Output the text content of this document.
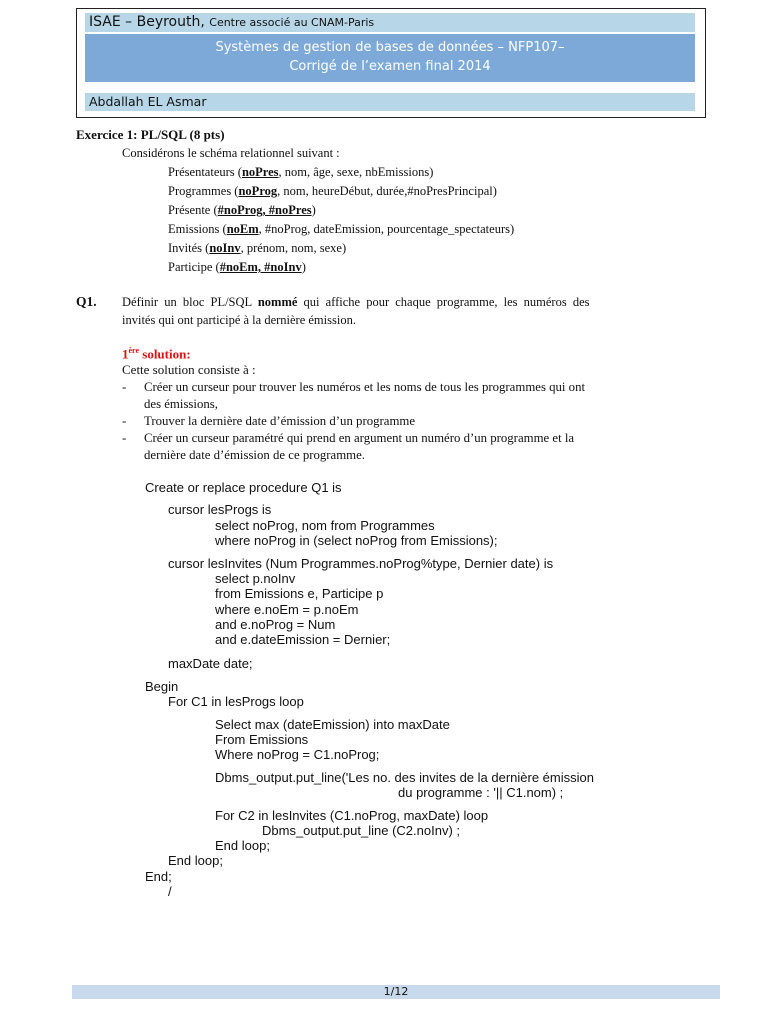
ISAE – Beyrouth, Centre associé au CNAM-Paris
Systèmes de gestion de bases de données – NFP107–
Corrigé de l’examen final 2014
Abdallah EL Asmar
Exercice 1: PL/SQL (8 pts)
Considérons le schéma relationnel suivant :
Présentateurs (noPres, nom, âge, sexe, nbEmissions)
Programmes (noProg, nom, heureDébut, durée,#noPresPrincipal)
Présente (#noProg, #noPres)
Emissions (noEm, #noProg, dateEmission, pourcentage_spectateurs)
Invités (noInv, prénom, nom, sexe)
Participe (#noEm, #noInv)
Q1. Définir un bloc PL/SQL nommé qui affiche pour chaque programme, les numéros des
invités qui ont participé à la dernière émission.
1ère solution:
Cette solution consiste à :
- Créer un curseur pour trouver les numéros et les noms de tous les programmes qui ont
des émissions,
- Trouver la dernière date d’émission d’un programme
- Créer un curseur paramétré qui prend en argument un numéro d’un programme et la
dernière date d’émission de ce programme.
Create or replace procedure Q1 is
cursor lesProgs is
select noProg, nom from Programmes
where noProg in (select noProg from Emissions);
cursor lesInvites (Num Programmes.noProg%type, Dernier date) is
select p.noInv
from Emissions e, Participe p
where e.noEm = p.noEm
and e.noProg = Num
and e.dateEmission = Dernier;
maxDate date;
Begin
For C1 in lesProgs loop
Select max (dateEmission) into maxDate
From Emissions
Where noProg = C1.noProg;
Dbms_output.put_line('Les no. des invites de la dernière émission
du programme : '|| C1.nom) ;
For C2 in lesInvites (C1.noProg, maxDate) loop
Dbms_output.put_line (C2.noInv) ;
End loop;
End loop;
End;
/
1/12
